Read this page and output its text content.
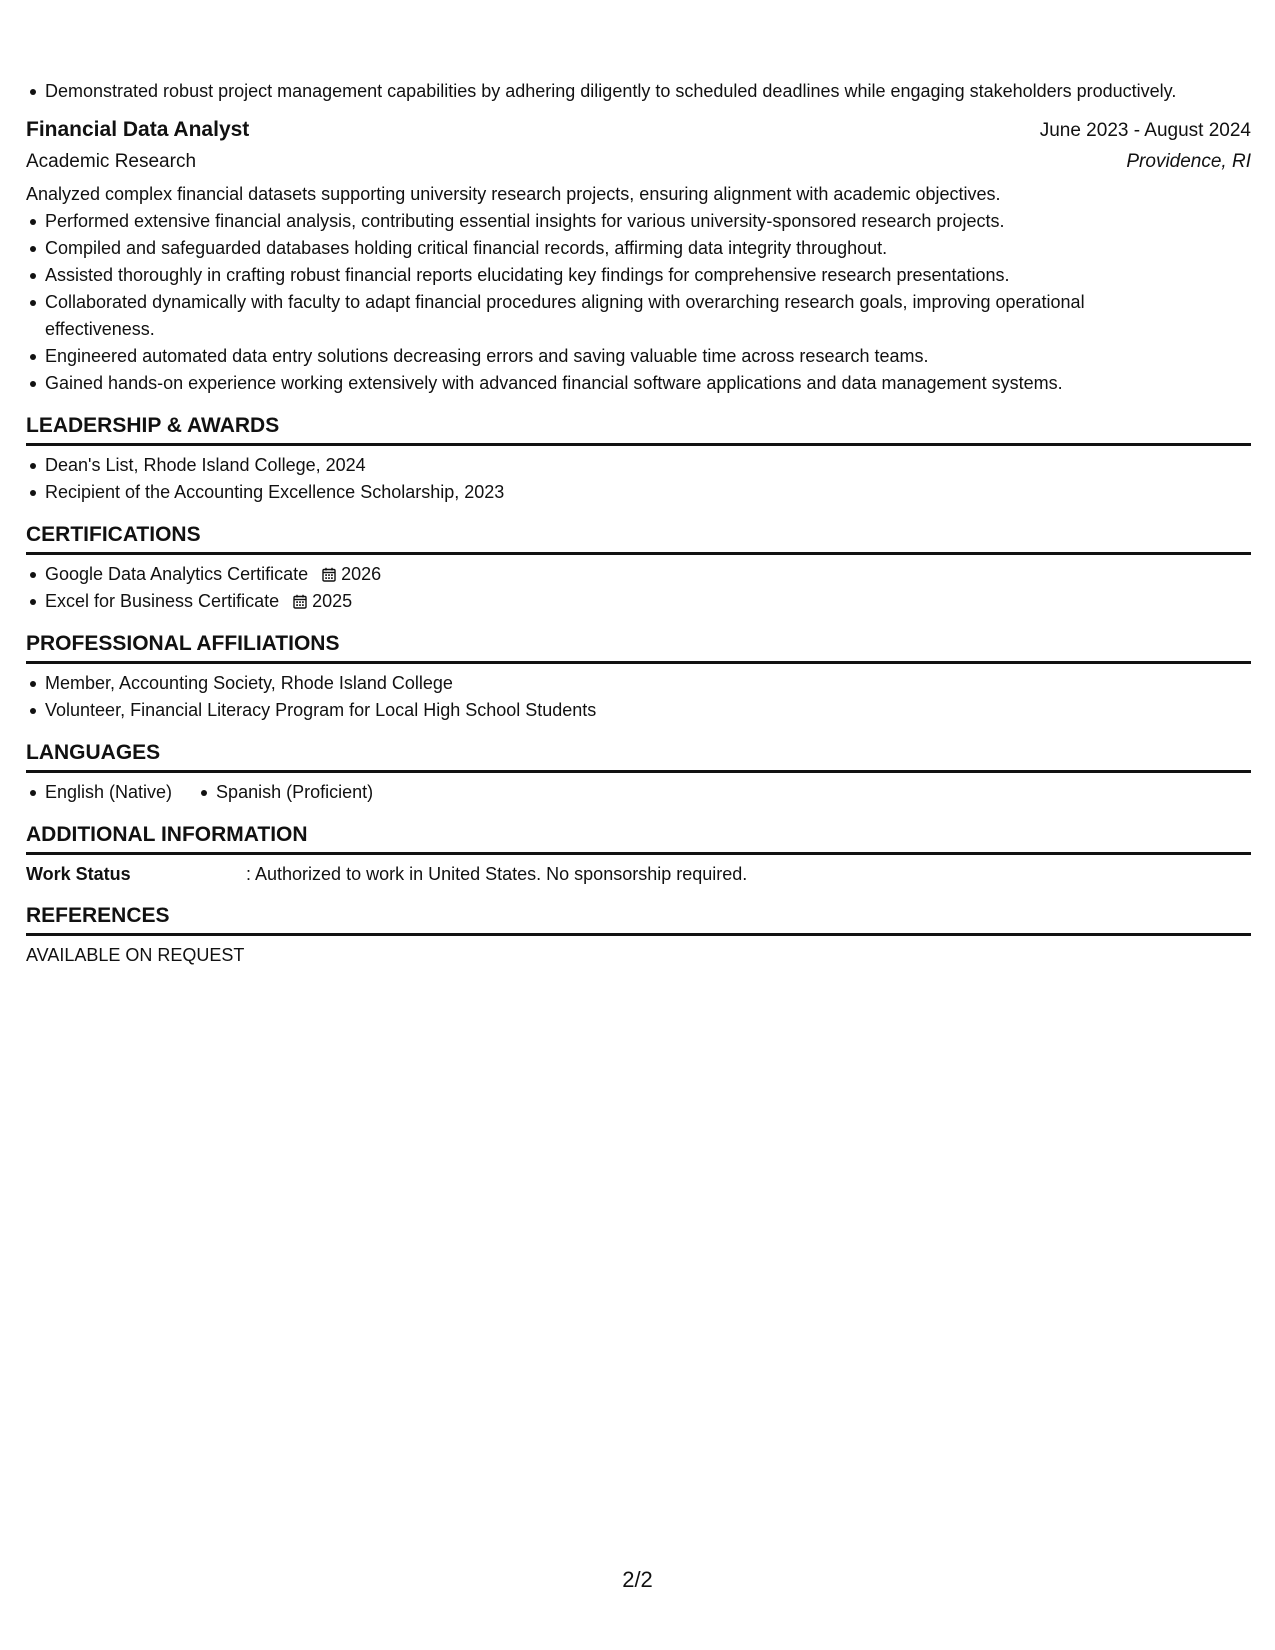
Demonstrated robust project management capabilities by adhering diligently to scheduled deadlines while engaging stakeholders productively.
Financial Data Analyst	June 2023 - August 2024
Academic Research	Providence, RI
Analyzed complex financial datasets supporting university research projects, ensuring alignment with academic objectives.
Performed extensive financial analysis, contributing essential insights for various university-sponsored research projects.
Compiled and safeguarded databases holding critical financial records, affirming data integrity throughout.
Assisted thoroughly in crafting robust financial reports elucidating key findings for comprehensive research presentations.
Collaborated dynamically with faculty to adapt financial procedures aligning with overarching research goals, improving operational effectiveness.
Engineered automated data entry solutions decreasing errors and saving valuable time across research teams.
Gained hands-on experience working extensively with advanced financial software applications and data management systems.
LEADERSHIP & AWARDS
Dean's List, Rhode Island College, 2024
Recipient of the Accounting Excellence Scholarship, 2023
CERTIFICATIONS
Google Data Analytics Certificate 2026
Excel for Business Certificate 2025
PROFESSIONAL AFFILIATIONS
Member, Accounting Society, Rhode Island College
Volunteer, Financial Literacy Program for Local High School Students
LANGUAGES
English (Native) Spanish (Proficient)
ADDITIONAL INFORMATION
Work Status	: Authorized to work in United States. No sponsorship required.
REFERENCES
AVAILABLE ON REQUEST
2/2
